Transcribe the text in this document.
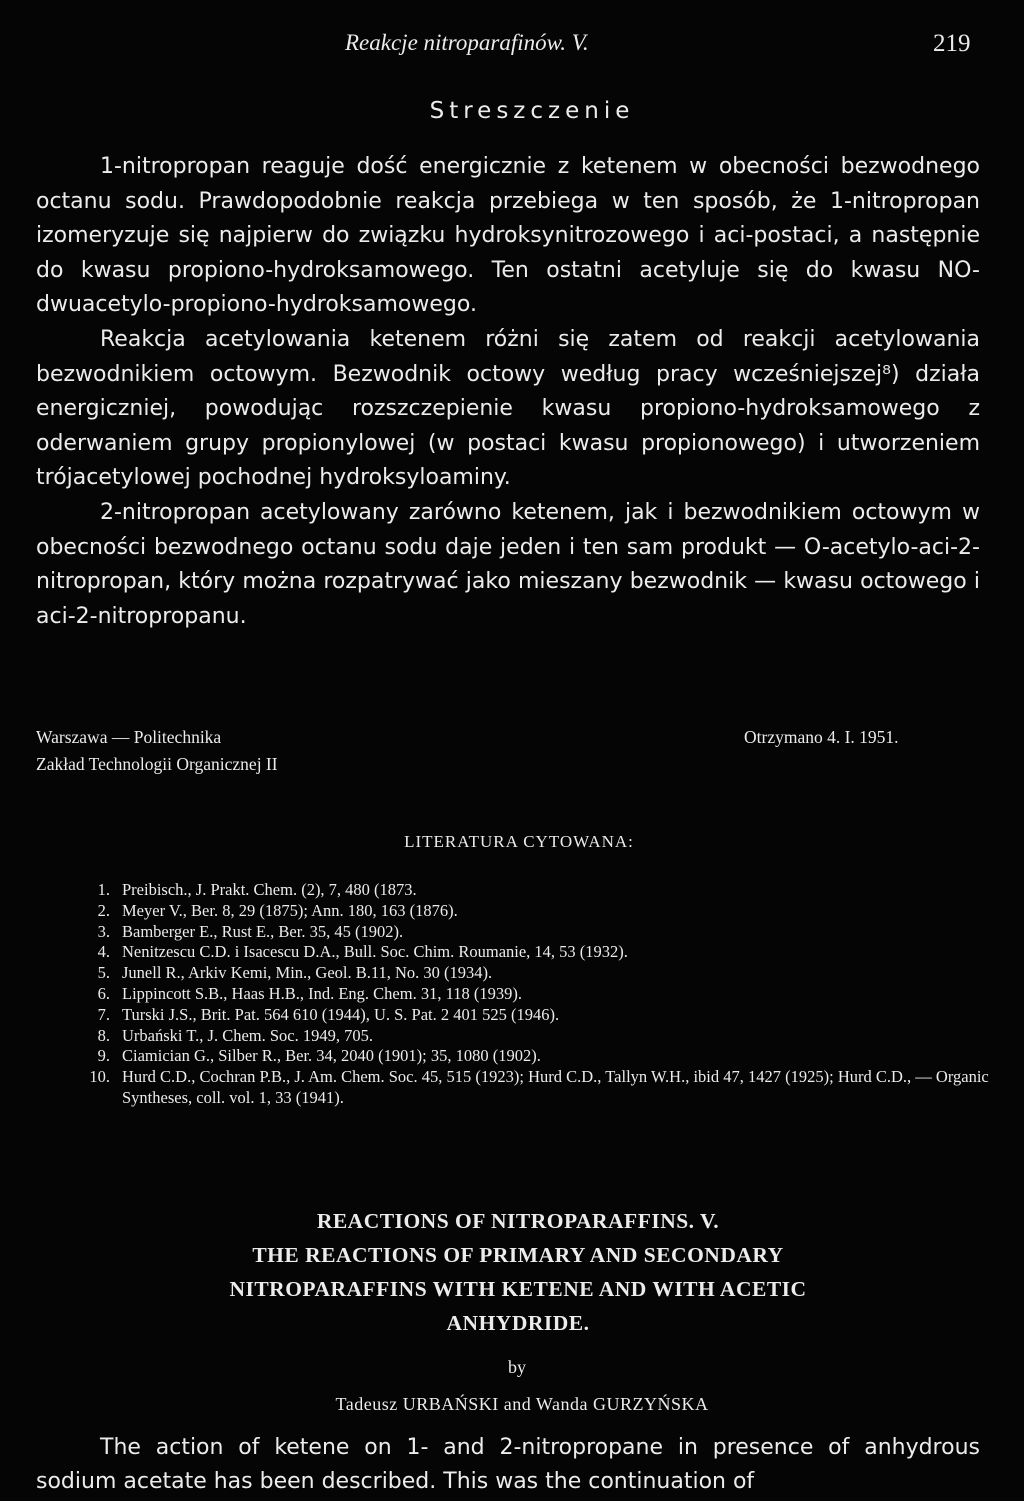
Reakcje nitroparafinów. V.	219
Streszczenie

1-nitropropan reaguje dość energicznie z ketenem w obecności bezwodnego octanu sodu. Prawdopodobnie reakcja przebiega w ten sposób, że 1-nitropropan izomeryzuje się najpierw do związku hydroksynitrozowego i aci-postaci, a następnie do kwasu propiono-hydroksamowego. Ten ostatni acetyluje się do kwasu NO-dwuacetylo-propiono-hydroksamowego.

Reakcja acetylowania ketenem różni się zatem od reakcji acetylowania bezwodnikiem octowym. Bezwodnik octowy według pracy wcześniejszej⁸) działa energiczniej, powodując rozszczepienie kwasu propiono-hydroksamowego z oderwaniem grupy propionylowej (w postaci kwasu propionowego) i utworzeniem trójacetylowej pochodnej hydroksyloaminy.

2-nitropropan acetylowany zarówno ketenem, jak i bezwodnikiem octowym w obecności bezwodnego octanu sodu daje jeden i ten sam produkt — O-acetylo-aci-2-nitropropan, który można rozpatrywać jako mieszany bezwodnik — kwasu octowego i aci-2-nitropropanu.

Warszawa — Politechnika
Zakład Technologii Organicznej II
Otrzymano 4. I. 1951.
LITERATURA CYTOWANA:
1. Preibisch., J. Prakt. Chem. (2), 7, 480 (1873.
2. Meyer V., Ber. 8, 29 (1875); Ann. 180, 163 (1876).
3. Bamberger E., Rust E., Ber. 35, 45 (1902).
4. Nenitzescu C.D. i Isacescu D.A., Bull. Soc. Chim. Roumanie, 14, 53 (1932).
5. Junell R., Arkiv Kemi, Min., Geol. B.11, No. 30 (1934).
6. Lippincott S.B., Haas H.B., Ind. Eng. Chem. 31, 118 (1939).
7. Turski J.S., Brit. Pat. 564 610 (1944), U. S. Pat. 2 401 525 (1946).
8. Urbański T., J. Chem. Soc. 1949, 705.
9. Ciamician G., Silber R., Ber. 34, 2040 (1901); 35, 1080 (1902).
10. Hurd C.D., Cochran P.B., J. Am. Chem. Soc. 45, 515 (1923); Hurd C.D., Tallyn W.H., ibid 47, 1427 (1925); Hurd C.D., — Organic Syntheses, coll. vol. 1, 33 (1941).
REACTIONS OF NITROPARAFFINS. V.
THE REACTIONS OF PRIMARY AND SECONDARY
NITROPARAFFINS WITH KETENE AND WITH ACETIC
ANHYDRIDE.
by
Tadeusz URBAŃSKI and Wanda GURZYŃSKA

The action of ketene on 1- and 2-nitropropane in presence of anhydrous sodium acetate has been described. This was the continuation of
